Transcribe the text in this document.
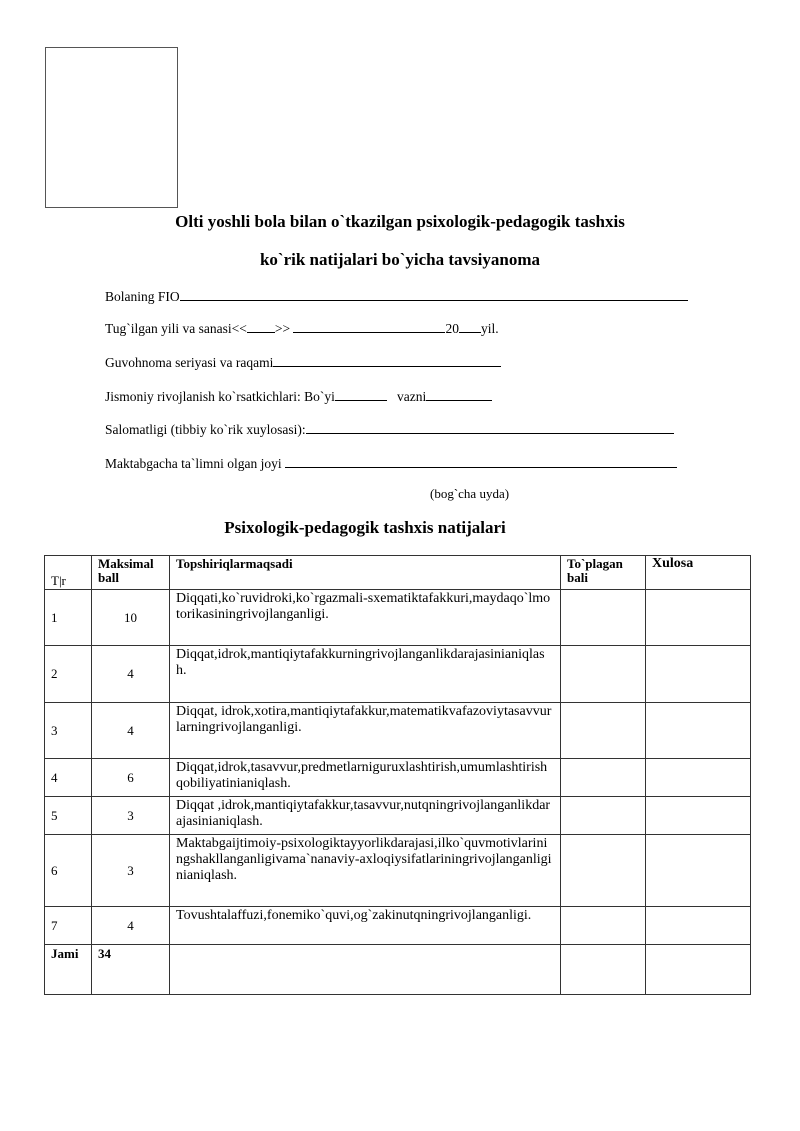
Olti yoshli bola bilan o`tkazilgan psixologik-pedagogik tashxis
ko`rik natijalari bo`yicha tavsiyanoma
Bolaning FIO
Tug`ilgan yili va sanasi<< >>	20 yil.
Guvohnoma seriyasi va raqami
Jismoniy rivojlanish ko`rsatkichlari: Bo`yi	vazni
Salomatligi (tibbiy ko`rik xuylosasi):
Maktabgacha ta`limni olgan joyi
(bog`cha uyda)
Psixologik-pedagogik tashxis natijalari
T|r	Maksimal ball	Topshiriqlarmaqsadi	To`plagan bali	Xulosa
1	10	Diqqati,ko`ruvidroki,ko`rgazmali-sxematiktafakkuri,maydaqo`lmotorikasiningrivojlanganligi.		
2	4	Diqqat,idrok,mantiqiytafakkurningrivojlanganlikdarajasinianiqlash.		
3	4	Diqqat, idrok,xotira,mantiqiytafakkur,matematikvafazoviytasavvurlarningrivojlanganligi.		
4	6	Diqqat,idrok,tasavvur,predmetlarniguruxlashtirish,umumlashtirishqobiliyatinianiqlash.		
5	3	Diqqat ,idrok,mantiqiytafakkur,tasavvur,nutqningrivojlanganlikdarajasinianiqlash.		
6	3	Maktabgaijtimoiy-psixologiktayyorlikdarajasi,ilko`quvmotivlariningshakllanganligivama`nanaviy-axloqiysifatlariningrivojlanganliginianiqlash.		
7	4	Tovushtalaffuzi,fonemiko`quvi,og`zakinutqningrivojlanganligi.		
Jami	34			
